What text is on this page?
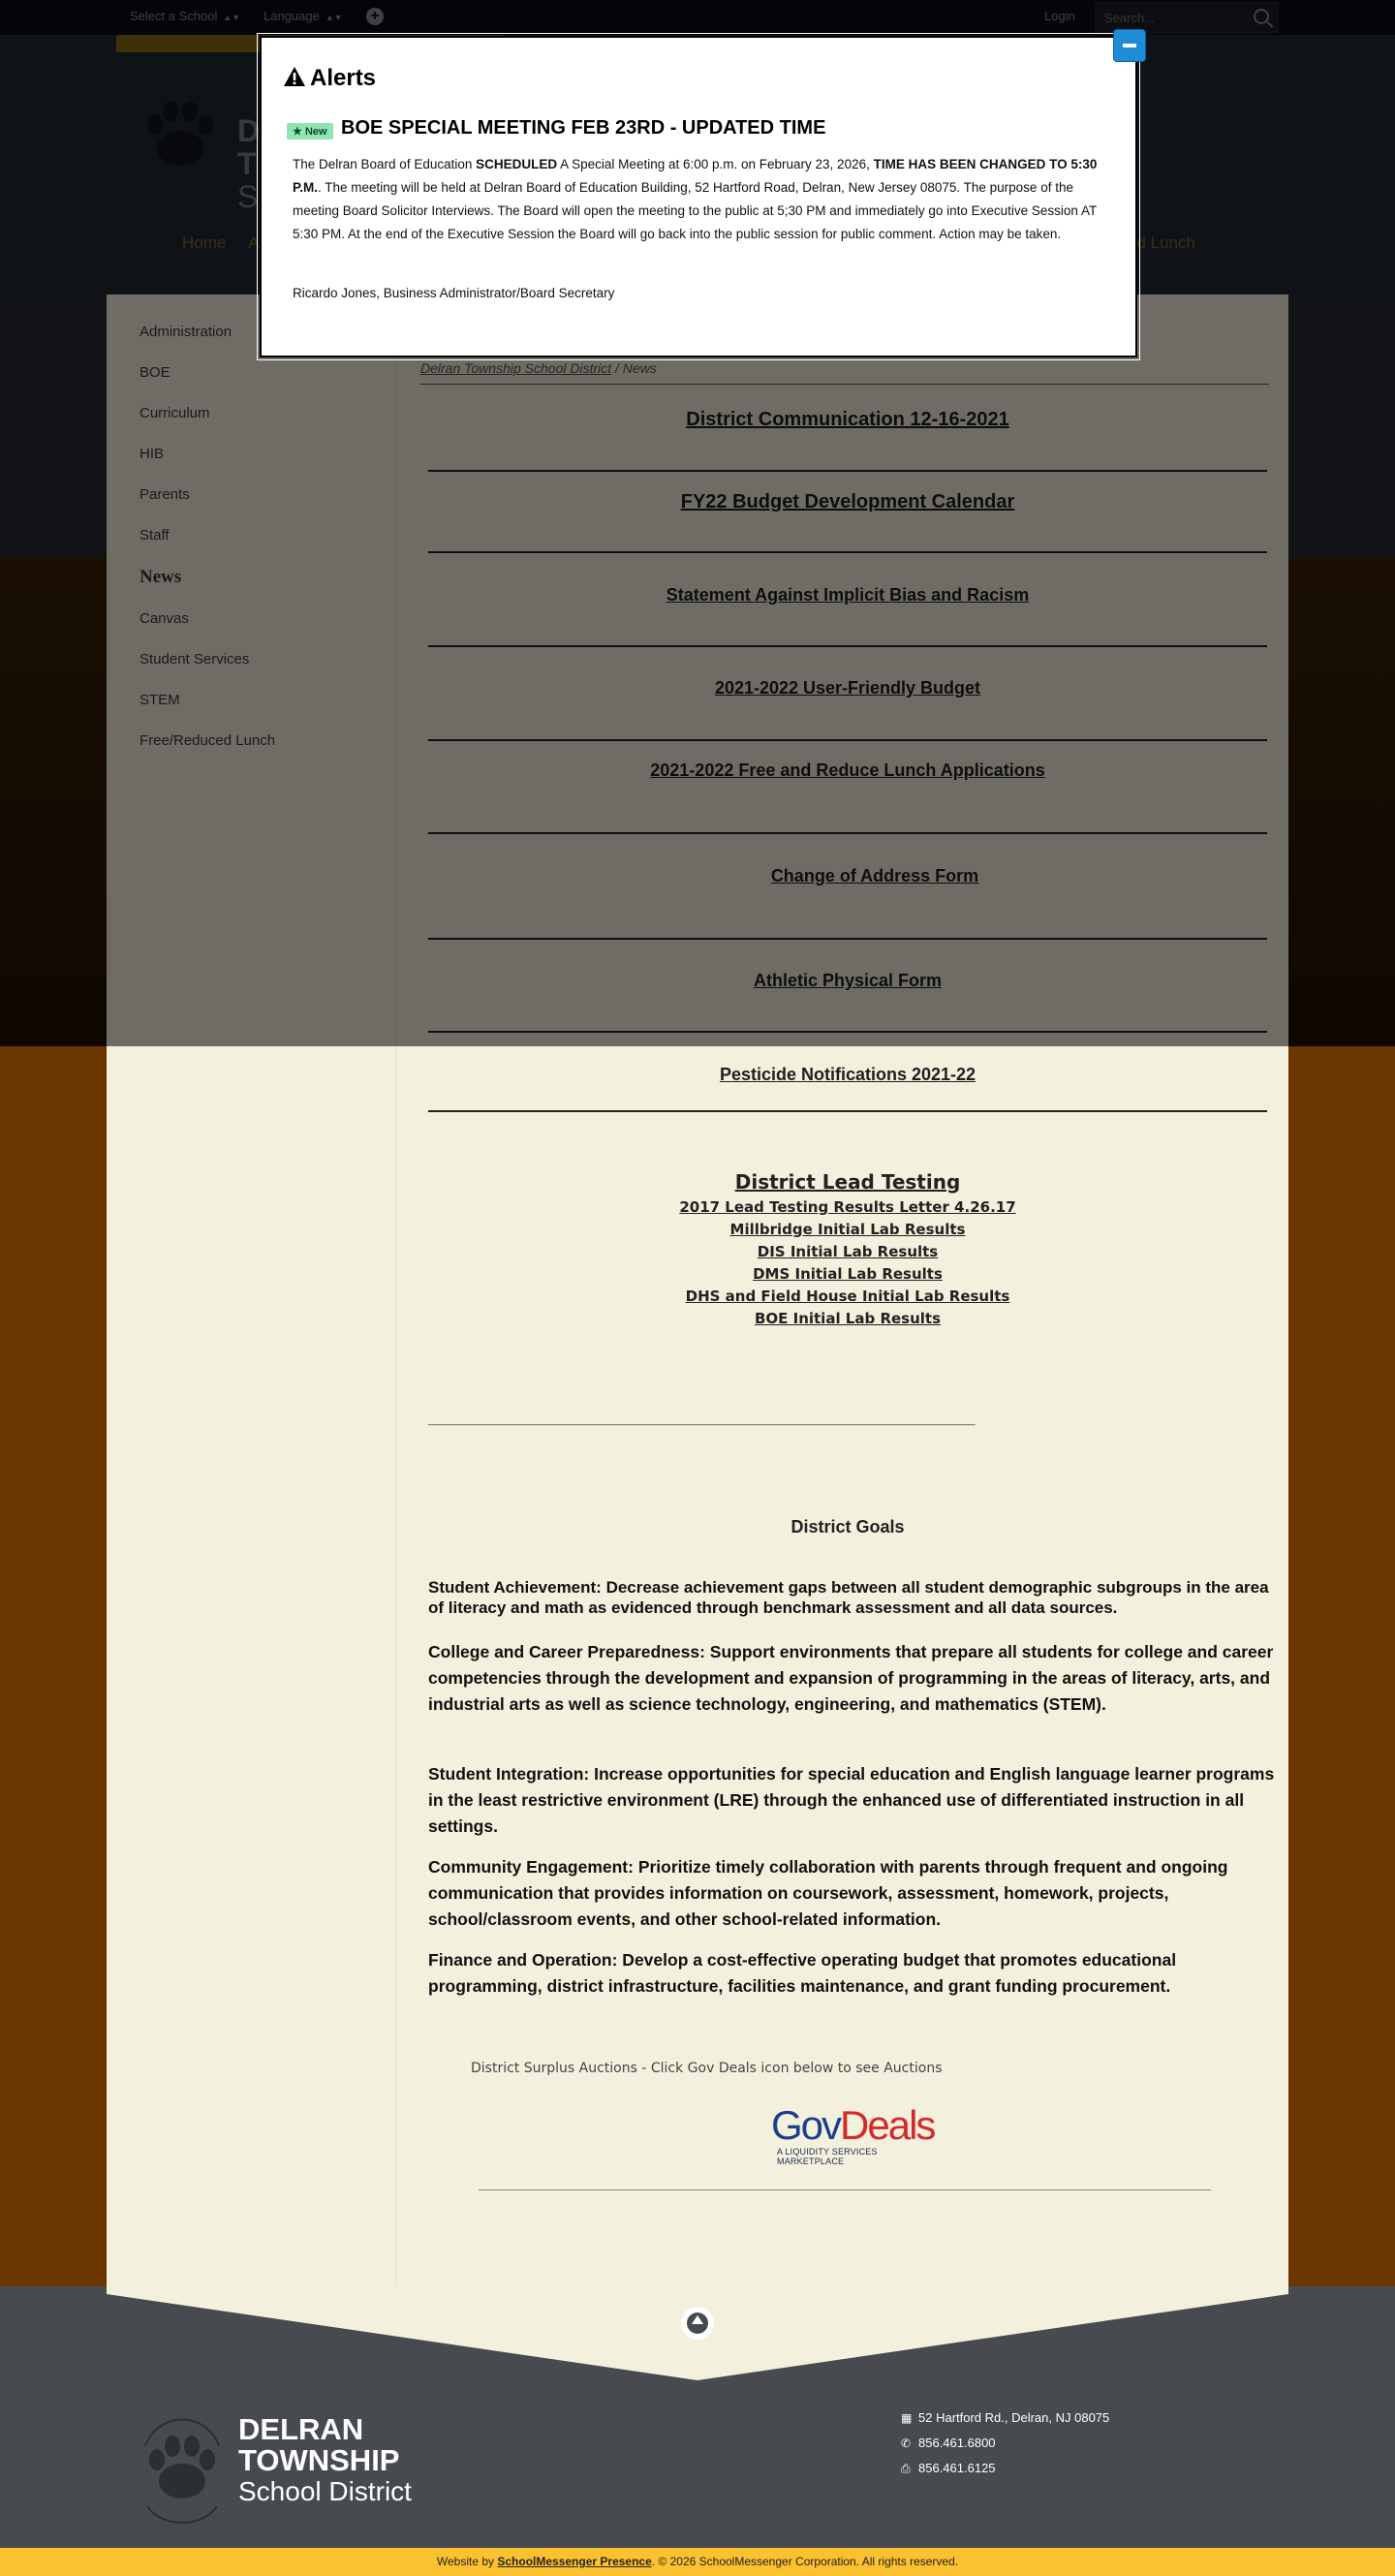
Search...
Pesticide Notifications 2021-22
District Lead Testing
2017 Lead Testing Results Letter 4.26.17
Millbridge Initial Lab Results
DIS Initial Lab Results
DMS Initial Lab Results
DHS and Field House Initial Lab Results
BOE Initial Lab Results
_______________________________________________________________
District Goals
Student Achievement: Decrease achievement gaps between all student demographic subgroups in the area of literacy and math as evidenced through benchmark assessment and all data sources.
College and Career Preparedness: Support environments that prepare all students for college and career competencies through the development and expansion of programming in the areas of literacy, arts, and industrial arts as well as science technology, engineering, and mathematics (STEM).
Student Integration: Increase opportunities for special education and English language learner programs in the least restrictive environment (LRE) through the enhanced use of differentiated instruction in all settings.
Community Engagement: Prioritize timely collaboration with parents through frequent and ongoing communication that provides information on coursework, assessment, homework, projects, school/classroom events, and other school-related information.
Finance and Operation: Develop a cost-effective operating budget that promotes educational programming, district infrastructure, facilities maintenance, and grant funding procurement.
District Surplus Auctions - Click Gov Deals icon below to see Auctions
GovDeals
A LIQUIDITY SERVICES MARKETPLACE
DELRAN
TOWNSHIP
School District
▦ 52 Hartford Rd., Delran, NJ 08075
✆ 856.461.6800
⎙ 856.461.6125
Website by SchoolMessenger Presence. © 2026 SchoolMessenger Corporation. All rights reserved.
Alerts
★ New BOE SPECIAL MEETING FEB 23RD - UPDATED TIME
The Delran Board of Education SCHEDULED A Special Meeting at 6:00 p.m. on February 23, 2026, TIME HAS BEEN CHANGED TO 5:30 P.M.. The meeting will be held at Delran Board of Education Building, 52 Hartford Road, Delran, New Jersey 08075. The purpose of the meeting Board Solicitor Interviews. The Board will open the meeting to the public at 5;30 PM and immediately go into Executive Session AT 5:30 PM. At the end of the Executive Session the Board will go back into the public session for public comment. Action may be taken.
Ricardo Jones, Business Administrator/Board Secretary
